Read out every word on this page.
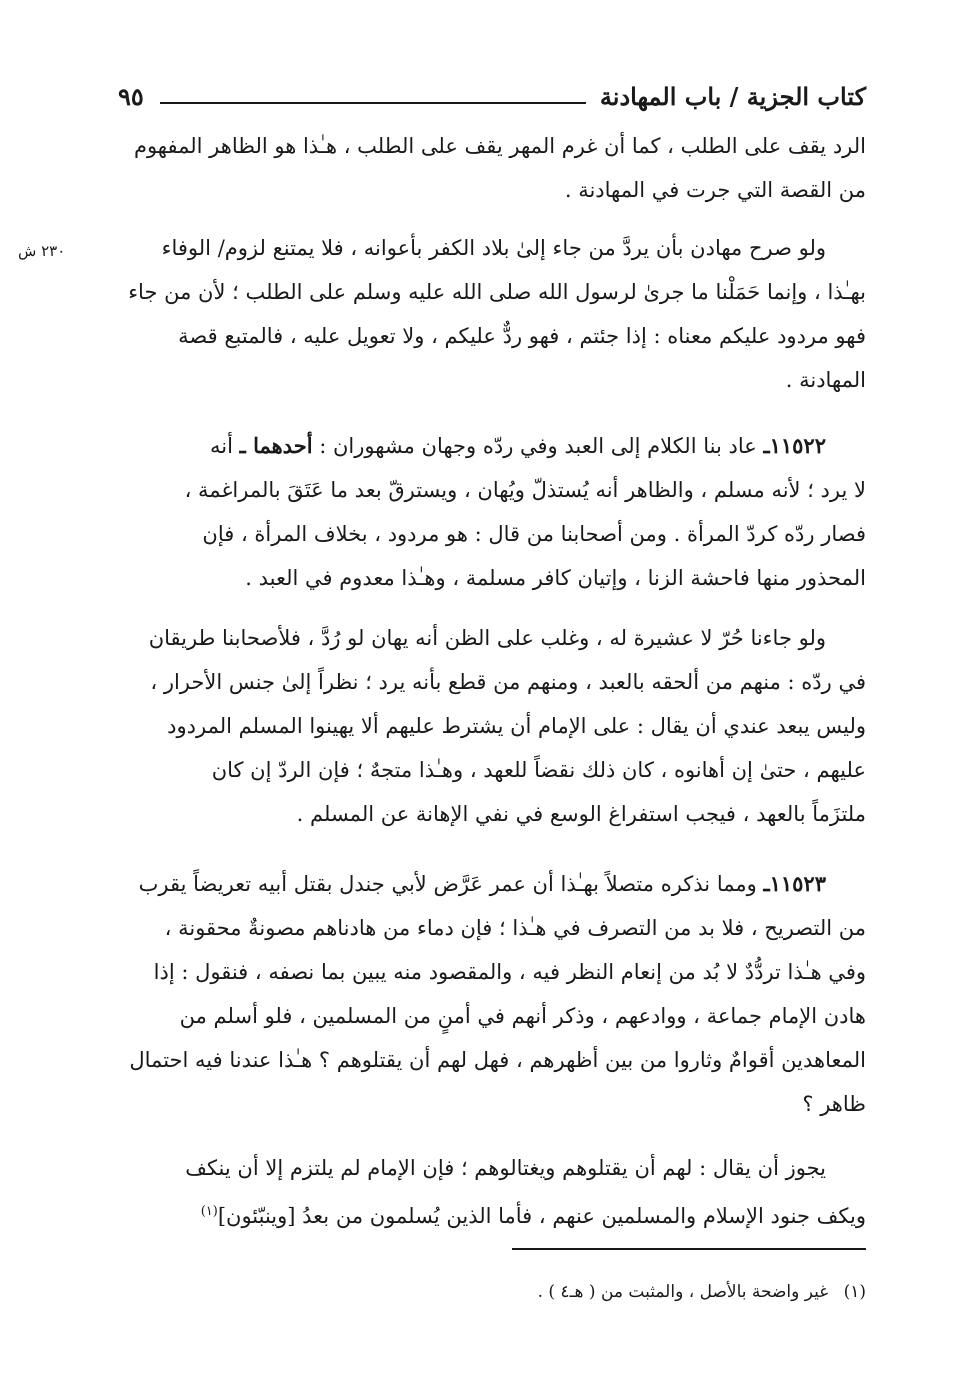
كتاب الجزية / باب المهادنة
٩٥
٢٣٠ ش
الرد يقف على الطلب ، كما أن غرم المهر يقف على الطلب ، هـٰذا هو الظاهر المفهوم
من القصة التي جرت في المهادنة .
ولو صرح مهادن بأن يردَّ من جاء إلىٰ بلاد الكفر بأعوانه ، فلا يمتنع لزوم/ الوفاء
بهـٰذا ، وإنما حَمَلْنا ما جرىٰ لرسول الله صلى الله عليه وسلم على الطلب ؛ لأن من جاء
فهو مردود عليكم معناه : إذا جئتم ، فهو ردٌّ عليكم ، ولا تعويل عليه ، فالمتبع قصة
المهادنة .
١١٥٢٢ـ عاد بنا الكلام إلى العبد وفي ردّه وجهان مشهوران : أحدهما ـ أنه
لا يرد ؛ لأنه مسلم ، والظاهر أنه يُستذلّ ويُهان ، ويسترقّ بعد ما عَتَقَ بالمراغمة ،
فصار ردّه كردّ المرأة . ومن أصحابنا من قال : هو مردود ، بخلاف المرأة ، فإن
المحذور منها فاحشة الزنا ، وإتيان كافر مسلمة ، وهـٰذا معدوم في العبد .
ولو جاءنا حُرّ لا عشيرة له ، وغلب على الظن أنه يهان لو رُدَّ ، فلأصحابنا طريقان
في ردّه : منهم من ألحقه بالعبد ، ومنهم من قطع بأنه يرد ؛ نظراً إلىٰ جنس الأحرار ،
وليس يبعد عندي أن يقال : على الإمام أن يشترط عليهم ألا يهينوا المسلم المردود
عليهم ، حتىٰ إن أهانوه ، كان ذلك نقضاً للعهد ، وهـٰذا متجهٌ ؛ فإن الردّ إن كان
ملتزَماً بالعهد ، فيجب استفراغ الوسع في نفي الإهانة عن المسلم .
١١٥٢٣ـ ومما نذكره متصلاً بهـٰذا أن عمر عَرَّض لأبي جندل بقتل أبيه تعريضاً يقرب
من التصريح ، فلا بد من التصرف في هـٰذا ؛ فإن دماء من هادناهم مصونةٌ محقونة ،
وفي هـٰذا تردُّدٌ لا بُد من إنعام النظر فيه ، والمقصود منه يبين بما نصفه ، فنقول : إذا
هادن الإمام جماعة ، ووادعهم ، وذكر أنهم في أمنٍ من المسلمين ، فلو أسلم من
المعاهدين أقوامٌ وثاروا من بين أظهرهم ، فهل لهم أن يقتلوهم ؟ هـٰذا عندنا فيه احتمال
ظاهر ؟
يجوز أن يقال : لهم أن يقتلوهم ويغتالوهم ؛ فإن الإمام لم يلتزم إلا أن ينكف
ويكف جنود الإسلام والمسلمين عنهم ، فأما الذين يُسلمون من بعدُ [وينبّئون]$^{(١)}$
(١) غير واضحة بالأصل ، والمثبت من ( هـ٤ ) .
